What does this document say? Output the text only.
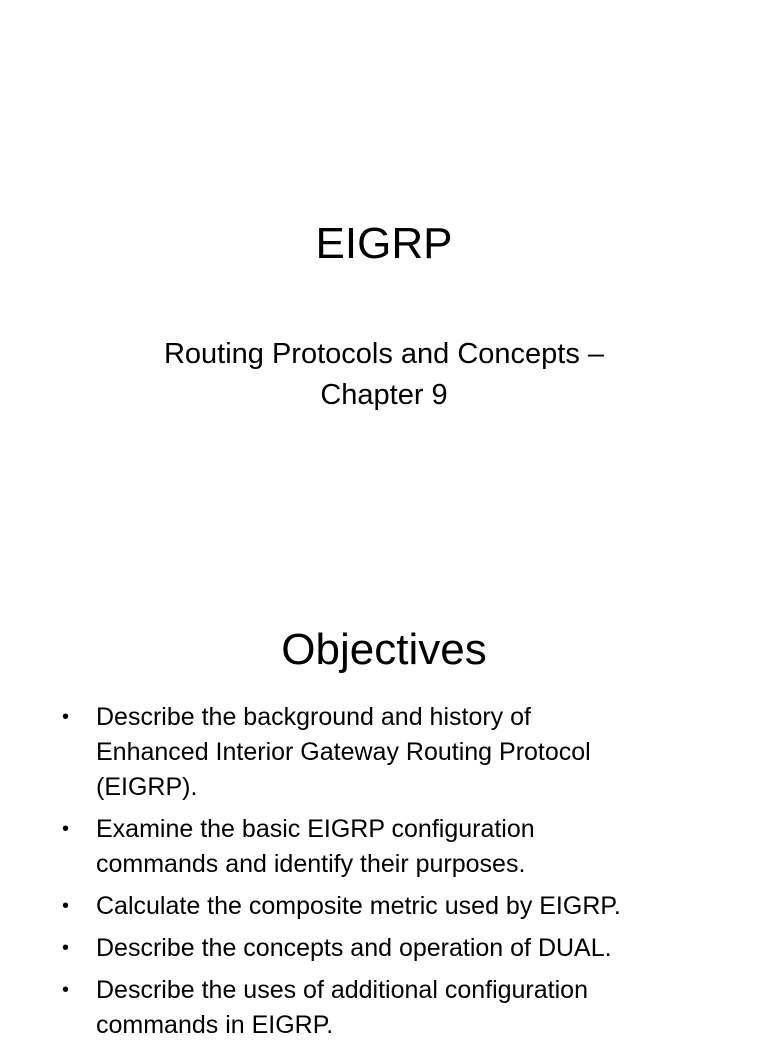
EIGRP

Routing Protocols and Concepts –
Chapter 9

Objectives
• Describe the background and history of
Enhanced Interior Gateway Routing Protocol
(EIGRP).
• Examine the basic EIGRP configuration
commands and identify their purposes.
• Calculate the composite metric used by EIGRP.
• Describe the concepts and operation of DUAL.
• Describe the uses of additional configuration
commands in EIGRP.
